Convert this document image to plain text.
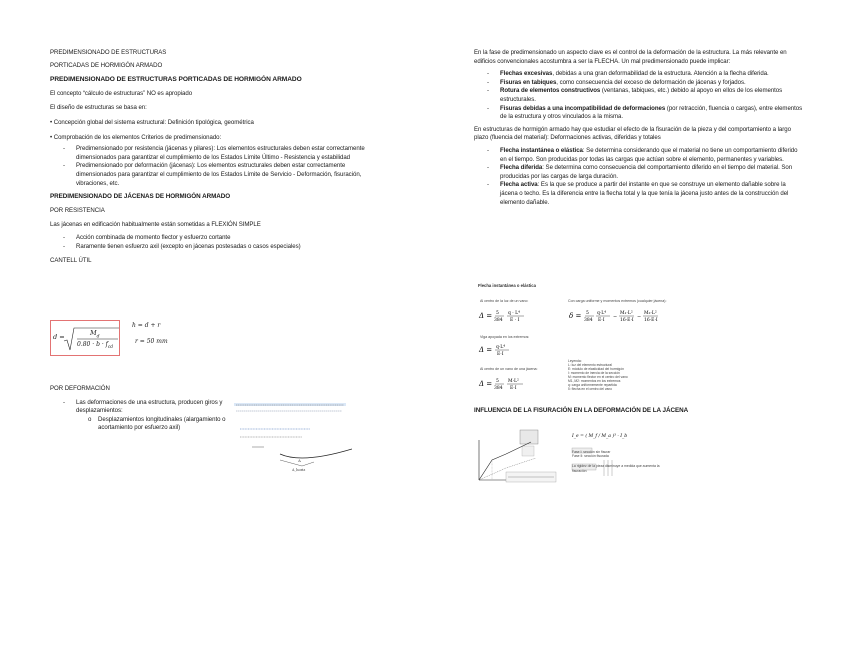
PREDIMENSIONADO DE ESTRUCTURAS

PORTICADAS DE HORMIGÓN ARMADO

PREDIMENSIONADO DE ESTRUCTURAS PORTICADAS DE HORMIGÓN ARMADO

El concepto “cálculo de estructuras” NO es apropiado

El diseño de estructuras se basa en:

• Concepción global del sistema estructural: Definición tipológica, geométrica

• Comprobación de los elementos Criterios de predimensionado:

- Predimensionado por resistencia (jácenas y pilares): Los elementos estructurales deben estar correctamente dimensionados para garantizar el cumplimiento de los Estados Límite Último - Resistencia y estabilidad
- Predimensionado por deformación (jácenas): Los elementos estructurales deben estar correctamente dimensionados para garantizar el cumplimiento de los Estados Límite de Servicio - Deformación, fisuración, vibraciones, etc.

PREDIMENSIONADO DE JÁCENAS DE HORMIGÓN ARMADO

POR RESISTENCIA

Las jácenas en edificación habitualmente están sometidas a FLEXIÓN SIMPLE

- Acción combinada de momento flector y esfuerzo cortante
- Raramente tienen esfuerzo axil (excepto en jácenas postesadas o casos especiales)

CANTELL ÚTIL

d =	$M_d$
$0.80 \cdot b \cdot f_{cd}$
h = d + r
r = 50 mm

POR DEFORMACIÓN

- Las deformaciones de una estructura, producen giros y desplazamientos:
o Desplazamientos longitudinales (alargamiento o acortamiento por esfuerzo axil)
Δ
Δ_horiz

En la fase de predimensionado un aspecto clave es el control de la deformación de la estructura. La más relevante en edificios convencionales acostumbra a ser la FLECHA. Un mal predimensionado puede implicar:

- Flechas excesivas, debidas a una gran deformabilidad de la estructura. Atención a la flecha diferida.
- Fisuras en tabiques, como consecuencia del exceso de deformación de jácenas y forjados.
- Rotura de elementos constructivos (ventanas, tabiques, etc.) debido al apoyo en ellos de los elementos estructurales.
- Fisuras debidas a una incompatibilidad de deformaciones (por retracción, fluencia o cargas), entre elementos de la estructura y otros vinculados a la misma.

En estructuras de hormigón armado hay que estudiar el efecto de la fisuración de la pieza y del comportamiento a largo plazo (fluencia del material): Deformaciones activas, diferidas y totales

- Flecha instantánea o elástica: Se determina considerando que el material no tiene un comportamiento diferido en el tiempo. Son producidas por todas las cargas que actúan sobre el elemento, permanentes y variables.
- Flecha diferida: Se determina como consecuencia del comportamiento diferido en el tiempo del material. Son producidas por las cargas de larga duración.
- Flecha activa: Es la que se produce a partir del instante en que se construye un elemento dañable sobre la jácena o techo. Es la diferencia entre la flecha total y la que tenía la jácena justo antes de la construcción del elemento dañable.
Flecha instantánea o elástica
Al centro de la luz de un vano:	Con carga uniforme y momentos extremos (cualquier jácena):
Δ = 5
384
q · L⁴
E · I
δ = 5
384
q·L⁴
E·I
−
M₁·L²
16·E·I
−
M₂·L²
16·E·I
Viga apoyada en los extremos:
Δ = q·L⁴
E·I
Al centro de un vano de una jácena:
Δ = 5
384
M·L²
E·I
Leyenda:
L: luz del elemento estructural
E: módulo de elasticidad del hormigón
I: momento de inercia de la sección
M: momento flector en el centro del vano
M1, M2: momentos en los extremos
q: carga uniformemente repartida
δ: flecha en el centro del vano

INFLUENCIA DE LA FISURACIÓN EN LA DEFORMACIÓN DE LA JÁCENA

I_e = ( M_f / M_a )³ · I_b
Fase I: sección sin fisurar
Fase II: sección fisurada
La rigidez de la pieza disminuye a medida que aumenta la fisuración
